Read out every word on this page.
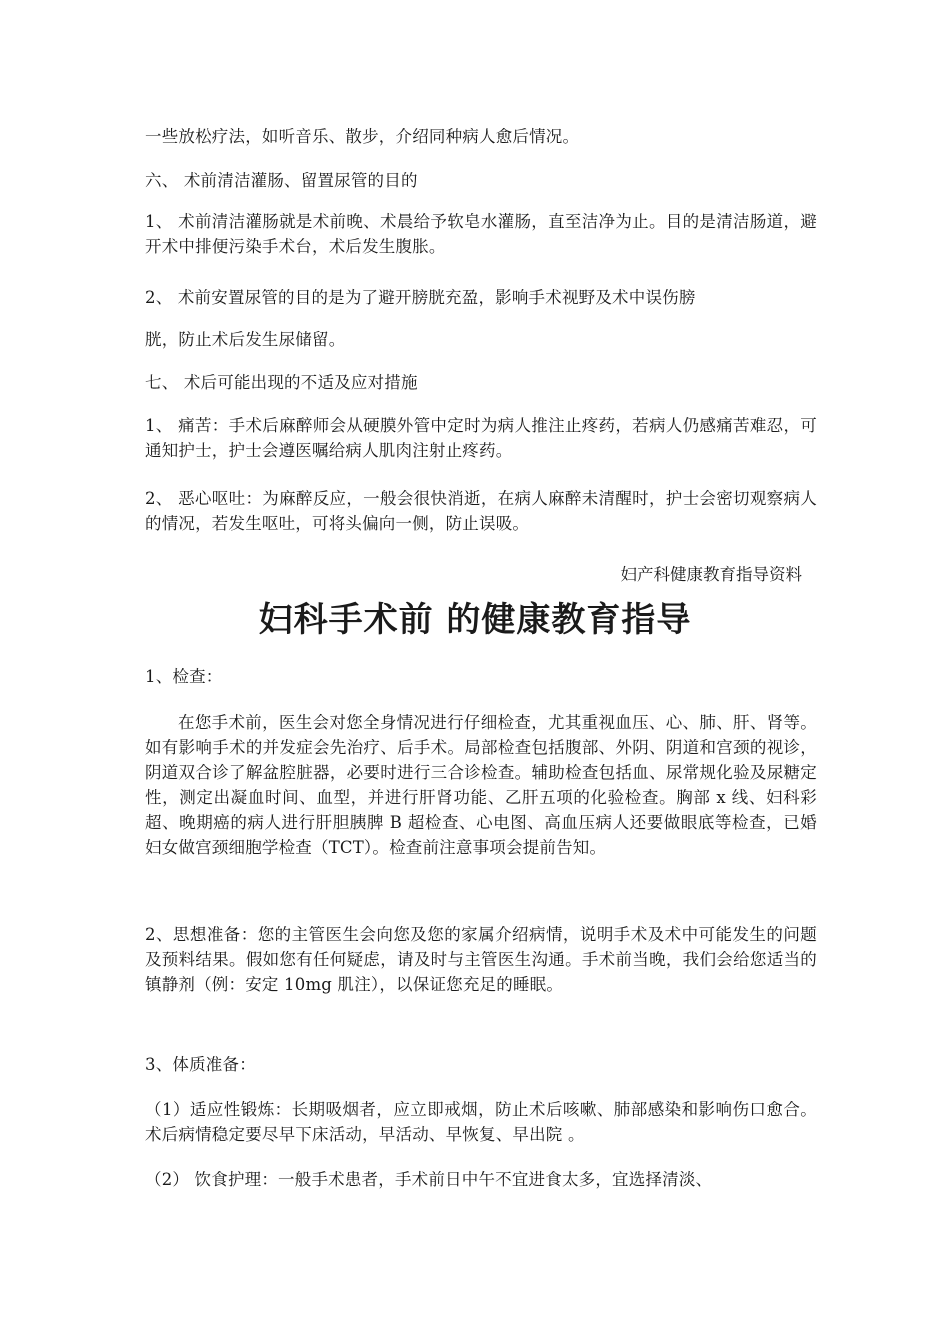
一些放松疗法，如听音乐、散步，介绍同种病人愈后情况。
六、 术前清洁灌肠、留置尿管的目的
1、 术前清洁灌肠就是术前晚、术晨给予软皂水灌肠，直至洁净为止。目的是清洁肠道，避开术中排便污染手术台，术后发生腹胀。
2、 术前安置尿管的目的是为了避开膀胱充盈，影响手术视野及术中误伤膀
胱，防止术后发生尿储留。
七、 术后可能出现的不适及应对措施
1、 痛苦：手术后麻醉师会从硬膜外管中定时为病人推注止疼药，若病人仍感痛苦难忍，可通知护士，护士会遵医嘱给病人肌肉注射止疼药。
2、 恶心呕吐：为麻醉反应，一般会很快消逝，在病人麻醉未清醒时，护士会密切观察病人的情况，若发生呕吐，可将头偏向一侧，防止误吸。
妇产科健康教育指导资料
妇科手术前 的健康教育指导
1、检查：
在您手术前，医生会对您全身情况进行仔细检查，尤其重视血压、心、肺、肝、肾等。如有影响手术的并发症会先治疗、后手术。局部检查包括腹部、外阴、阴道和宫颈的视诊，阴道双合诊了解盆腔脏器，必要时进行三合诊检查。辅助检查包括血、尿常规化验及尿糖定性，测定出凝血时间、血型，并进行肝肾功能、乙肝五项的化验检查。胸部 x 线、妇科彩超、晚期癌的病人进行肝胆胰脾 B 超检查、心电图、高血压病人还要做眼底等检查，已婚妇女做宫颈细胞学检查（TCT）。检查前注意事项会提前告知。
2、思想准备：您的主管医生会向您及您的家属介绍病情，说明手术及术中可能发生的问题及预料结果。假如您有任何疑虑，请及时与主管医生沟通。手术前当晚，我们会给您适当的镇静剂（例：安定 10mg 肌注），以保证您充足的睡眠。
3、体质准备：
（1）适应性锻炼：长期吸烟者，应立即戒烟，防止术后咳嗽、肺部感染和影响伤口愈合。术后病情稳定要尽早下床活动，早活动、早恢复、早出院 。
（2） 饮食护理：一般手术患者，手术前日中午不宜进食太多，宜选择清淡、
